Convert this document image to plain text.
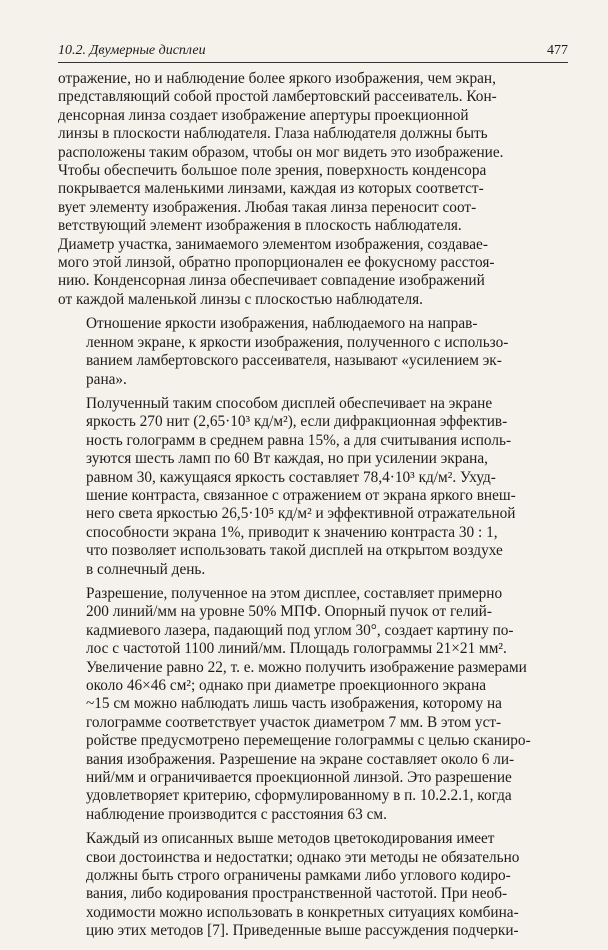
10.2. Двумерные дисплеи	477
отражение, но и наблюдение более яркого изображения, чем экран,
представляющий собой простой ламбертовский рассеиватель. Кон-
денсорная линза создает изображение апертуры проекционной
линзы в плоскости наблюдателя. Глаза наблюдателя должны быть
расположены таким образом, чтобы он мог видеть это изображение.
Чтобы обеспечить большое поле зрения, поверхность конденсора
покрывается маленькими линзами, каждая из которых соответст-
вует элементу изображения. Любая такая линза переносит соот-
ветствующий элемент изображения в плоскость наблюдателя.
Диаметр участка, занимаемого элементом изображения, создавае-
мого этой линзой, обратно пропорционален ее фокусному расстоя-
нию. Конденсорная линза обеспечивает совпадение изображений
от каждой маленькой линзы с плоскостью наблюдателя.
Отношение яркости изображения, наблюдаемого на направ-
ленном экране, к яркости изображения, полученного с использо-
ванием ламбертовского рассеивателя, называют «усилением эк-
рана».
Полученный таким способом дисплей обеспечивает на экране
яркость 270 нит (2,65·10³ кд/м²), если дифракционная эффектив-
ность голограмм в среднем равна 15%, а для считывания исполь-
зуются шесть ламп по 60 Вт каждая, но при усилении экрана,
равном 30, кажущаяся яркость составляет 78,4·10³ кд/м². Ухуд-
шение контраста, связанное с отражением от экрана яркого внеш-
него света яркостью 26,5·10⁵ кд/м² и эффективной отражательной
способности экрана 1%, приводит к значению контраста 30 : 1,
что позволяет использовать такой дисплей на открытом воздухе
в солнечный день.
Разрешение, полученное на этом дисплее, составляет примерно
200 линий/мм на уровне 50% МПФ. Опорный пучок от гелий-
кадмиевого лазера, падающий под углом 30°, создает картину по-
лос с частотой 1100 линий/мм. Площадь голограммы 21×21 мм².
Увеличение равно 22, т. е. можно получить изображение размерами
около 46×46 см²; однако при диаметре проекционного экрана
~15 см можно наблюдать лишь часть изображения, которому на
голограмме соответствует участок диаметром 7 мм. В этом уст-
ройстве предусмотрено перемещение голограммы с целью сканиро-
вания изображения. Разрешение на экране составляет около 6 ли-
ний/мм и ограничивается проекционной линзой. Это разрешение
удовлетворяет критерию, сформулированному в п. 10.2.2.1, когда
наблюдение производится с расстояния 63 см.
Каждый из описанных выше методов цветокодирования имеет
свои достоинства и недостатки; однако эти методы не обязательно
должны быть строго ограничены рамками либо углового кодиро-
вания, либо кодирования пространственной частотой. При необ-
ходимости можно использовать в конкретных ситуациях комбина-
цию этих методов [7]. Приведенные выше рассуждения подчерки-
